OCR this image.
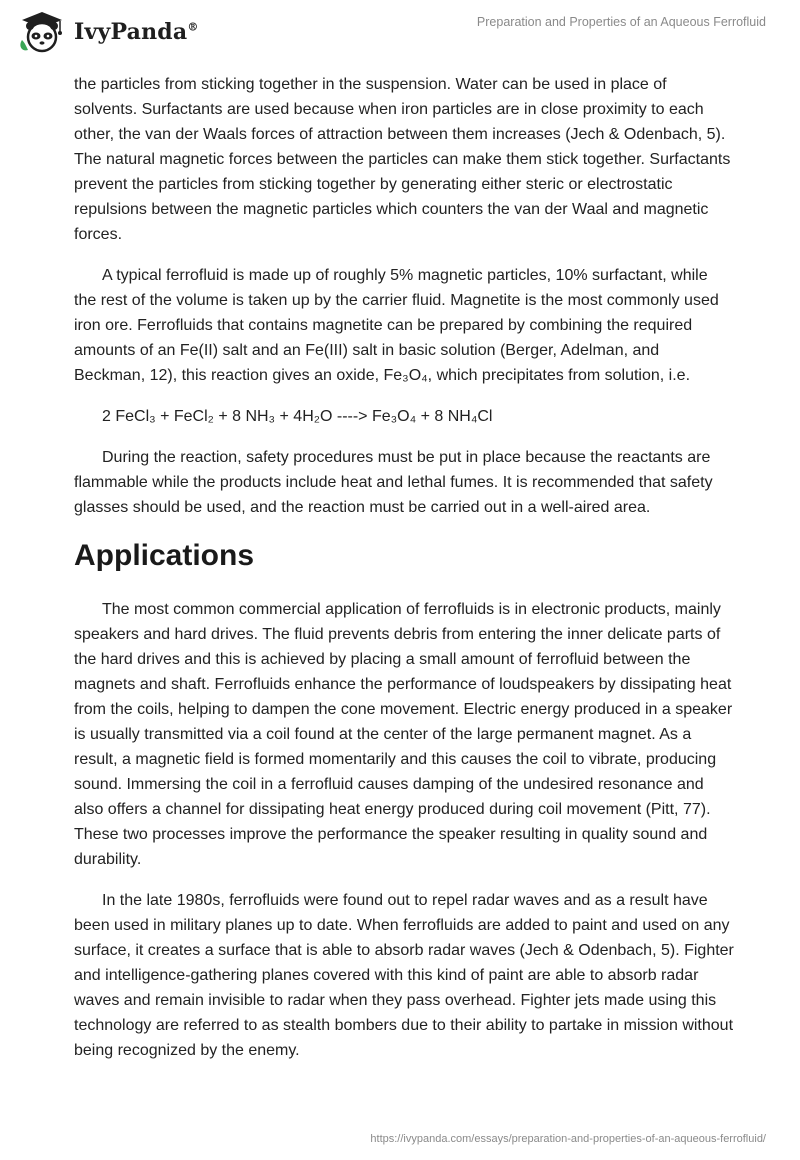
IvyPanda®	Preparation and Properties of an Aqueous Ferrofluid

the particles from sticking together in the suspension. Water can be used in place of solvents. Surfactants are used because when iron particles are in close proximity to each other, the van der Waals forces of attraction between them increases (Jech & Odenbach, 5). The natural magnetic forces between the particles can make them stick together. Surfactants prevent the particles from sticking together by generating either steric or electrostatic repulsions between the magnetic particles which counters the van der Waal and magnetic forces.

A typical ferrofluid is made up of roughly 5% magnetic particles, 10% surfactant, while the rest of the volume is taken up by the carrier fluid. Magnetite is the most commonly used iron ore. Ferrofluids that contains magnetite can be prepared by combining the required amounts of an Fe(II) salt and an Fe(III) salt in basic solution (Berger, Adelman, and Beckman, 12), this reaction gives an oxide, Fe₃O₄, which precipitates from solution, i.e.

2 FeCl₃ + FeCl₂ + 8 NH₃ + 4H₂O ----> Fe₃O₄ + 8 NH₄Cl

During the reaction, safety procedures must be put in place because the reactants are flammable while the products include heat and lethal fumes. It is recommended that safety glasses should be used, and the reaction must be carried out in a well-aired area.

Applications

The most common commercial application of ferrofluids is in electronic products, mainly speakers and hard drives. The fluid prevents debris from entering the inner delicate parts of the hard drives and this is achieved by placing a small amount of ferrofluid between the magnets and shaft. Ferrofluids enhance the performance of loudspeakers by dissipating heat from the coils, helping to dampen the cone movement. Electric energy produced in a speaker is usually transmitted via a coil found at the center of the large permanent magnet. As a result, a magnetic field is formed momentarily and this causes the coil to vibrate, producing sound. Immersing the coil in a ferrofluid causes damping of the undesired resonance and also offers a channel for dissipating heat energy produced during coil movement (Pitt, 77). These two processes improve the performance the speaker resulting in quality sound and durability.

In the late 1980s, ferrofluids were found out to repel radar waves and as a result have been used in military planes up to date. When ferrofluids are added to paint and used on any surface, it creates a surface that is able to absorb radar waves (Jech & Odenbach, 5). Fighter and intelligence-gathering planes covered with this kind of paint are able to absorb radar waves and remain invisible to radar when they pass overhead. Fighter jets made using this technology are referred to as stealth bombers due to their ability to partake in mission without being recognized by the enemy.

https://ivypanda.com/essays/preparation-and-properties-of-an-aqueous-ferrofluid/
